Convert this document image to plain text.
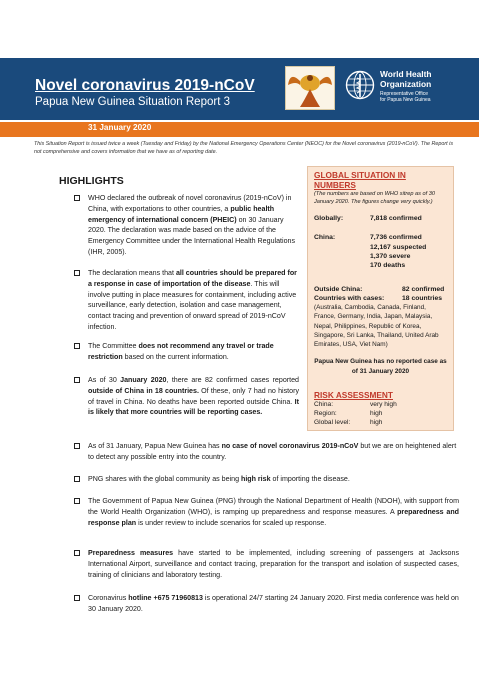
Novel coronavirus 2019-nCoV
Papua New Guinea Situation Report 3
World Health
Organization
Representative Office
for Papua New Guinea
31 January 2020
This Situation Report is issued twice a week (Tuesday and Friday) by the National Emergency Operations Center (NEOC) for the Novel coronavirus (2019-nCoV). The Report is not comprehensive and covers information that we have as of reporting date.
HIGHLIGHTS
WHO declared the outbreak of novel coronavirus (2019-nCoV) in China, with exportations to other countries, a public health emergency of international concern (PHEIC) on 30 January 2020. The declaration was made based on the advice of the Emergency Committee under the International Health Regulations (IHR, 2005).
The declaration means that all countries should be prepared for a response in case of importation of the disease. This will involve putting in place measures for containment, including active surveillance, early detection, isolation and case management, contact tracing and prevention of onward spread of 2019-nCoV infection.
The Committee does not recommend any travel or trade restriction based on the current information.
As of 30 January 2020, there are 82 confirmed cases reported outside of China in 18 countries. Of these, only 7 had no history of travel in China. No deaths have been reported outside China. It is likely that more countries will be reporting cases.
As of 31 January, Papua New Guinea has no case of novel coronavirus 2019-nCoV but we are on heightened alert to detect any possible entry into the country.
PNG shares with the global community as being high risk of importing the disease.
The Government of Papua New Guinea (PNG) through the National Department of Health (NDOH), with support from the World Health Organization (WHO), is ramping up preparedness and response measures. A preparedness and response plan is under review to include scenarios for scaled up response.
Preparedness measures have started to be implemented, including screening of passengers at Jacksons International Airport, surveillance and contact tracing, preparation for the transport and isolation of suspected cases, training of clinicians and laboratory testing.
Coronavirus hotline +675 71960813 is operational 24/7 starting 24 January 2020. First media conference was held on 30 January 2020.
GLOBAL SITUATION IN NUMBERS
(The numbers are based on WHO sitrep as of 30 January 2020. The figures change very quickly.)
Globally:	7,818 confirmed
China:	7,736 confirmed
12,167 suspected
1,370 severe
170 deaths
Outside China:	82 confirmed
Countries with cases:	18 countries
(Australia, Cambodia, Canada, Finland, France, Germany, India, Japan, Malaysia, Nepal, Philippines, Republic of Korea, Singapore, Sri Lanka, Thailand, United Arab Emirates, USA, Viet Nam)
Papua New Guinea has no reported case as of 31 January 2020
RISK ASSESSMENT
China:	very high
Region:	high
Global level:	high
